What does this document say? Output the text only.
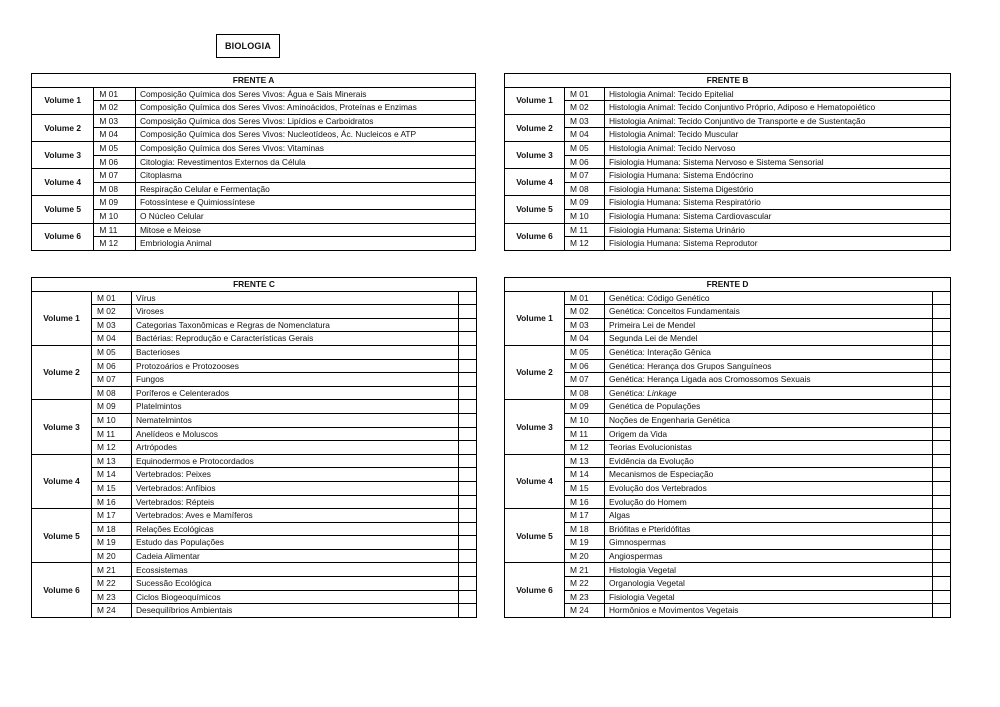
BIOLOGIA
FRENTE A		
Volume 1	M 01	Composição Química dos Seres Vivos: Água e Sais Minerais
	M 02	Composição Química dos Seres Vivos: Aminoácidos, Proteínas e Enzimas
Volume 2	M 03	Composição Química dos Seres Vivos: Lipídios e Carboidratos
	M 04	Composição Química dos Seres Vivos: Nucleotídeos, Ác. Nucleicos e ATP
Volume 3	M 05	Composição Química dos Seres Vivos: Vitaminas
	M 06	Citologia: Revestimentos Externos da Célula
Volume 4	M 07	Citoplasma
	M 08	Respiração Celular e Fermentação
Volume 5	M 09	Fotossíntese e Quimiossíntese
	M 10	O Núcleo Celular
Volume 6	M 11	Mitose e Meiose
	M 12	Embriologia Animal
FRENTE B		
Volume 1	M 01	Histologia Animal: Tecido Epitelial
	M 02	Histologia Animal: Tecido Conjuntivo Próprio, Adiposo e Hematopoiético
Volume 2	M 03	Histologia Animal: Tecido Conjuntivo de Transporte e de Sustentação
	M 04	Histologia Animal: Tecido Muscular
Volume 3	M 05	Histologia Animal: Tecido Nervoso
	M 06	Fisiologia Humana: Sistema Nervoso e Sistema Sensorial
Volume 4	M 07	Fisiologia Humana: Sistema Endócrino
	M 08	Fisiologia Humana: Sistema Digestório
Volume 5	M 09	Fisiologia Humana: Sistema Respiratório
	M 10	Fisiologia Humana: Sistema Cardiovascular
Volume 6	M 11	Fisiologia Humana: Sistema Urinário
	M 12	Fisiologia Humana: Sistema Reprodutor
FRENTE C			
Volume 1	M 01	Vírus	
	M 02	Viroses	
	M 03	Categorias Taxonômicas e Regras de Nomenclatura	
	M 04	Bactérias: Reprodução e Características Gerais	
Volume 2	M 05	Bacterioses	
	M 06	Protozoários e Protozooses	
	M 07	Fungos	
	M 08	Poríferos e Celenterados	
Volume 3	M 09	Platelmintos	
	M 10	Nematelmintos	
	M 11	Anelídeos e Moluscos	
	M 12	Artrópodes	
Volume 4	M 13	Equinodermos e Protocordados	
	M 14	Vertebrados: Peixes	
	M 15	Vertebrados: Anfíbios	
	M 16	Vertebrados: Répteis	
Volume 5	M 17	Vertebrados: Aves e Mamíferos	
	M 18	Relações Ecológicas	
	M 19	Estudo das Populações	
	M 20	Cadeia Alimentar	
Volume 6	M 21	Ecossistemas	
	M 22	Sucessão Ecológica	
	M 23	Ciclos Biogeoquímicos	
	M 24	Desequilíbrios Ambientais	
FRENTE D			
Volume 1	M 01	Genética: Código Genético	
	M 02	Genética: Conceitos Fundamentais	
	M 03	Primeira Lei de Mendel	
	M 04	Segunda Lei de Mendel	
Volume 2	M 05	Genética: Interação Gênica	
	M 06	Genética: Herança dos Grupos Sanguíneos	
	M 07	Genética: Herança Ligada aos Cromossomos Sexuais	
	M 08	Genética: Linkage	
Volume 3	M 09	Genética de Populações	
	M 10	Noções de Engenharia Genética	
	M 11	Origem da Vida	
	M 12	Teorias Evolucionistas	
Volume 4	M 13	Evidência da Evolução	
	M 14	Mecanismos de Especiação	
	M 15	Evolução dos Vertebrados	
	M 16	Evolução do Homem	
Volume 5	M 17	Algas	
	M 18	Briófitas e Pteridófitas	
	M 19	Gimnospermas	
	M 20	Angiospermas	
Volume 6	M 21	Histologia Vegetal	
	M 22	Organologia Vegetal	
	M 23	Fisiologia Vegetal	
	M 24	Hormônios e Movimentos Vegetais	
